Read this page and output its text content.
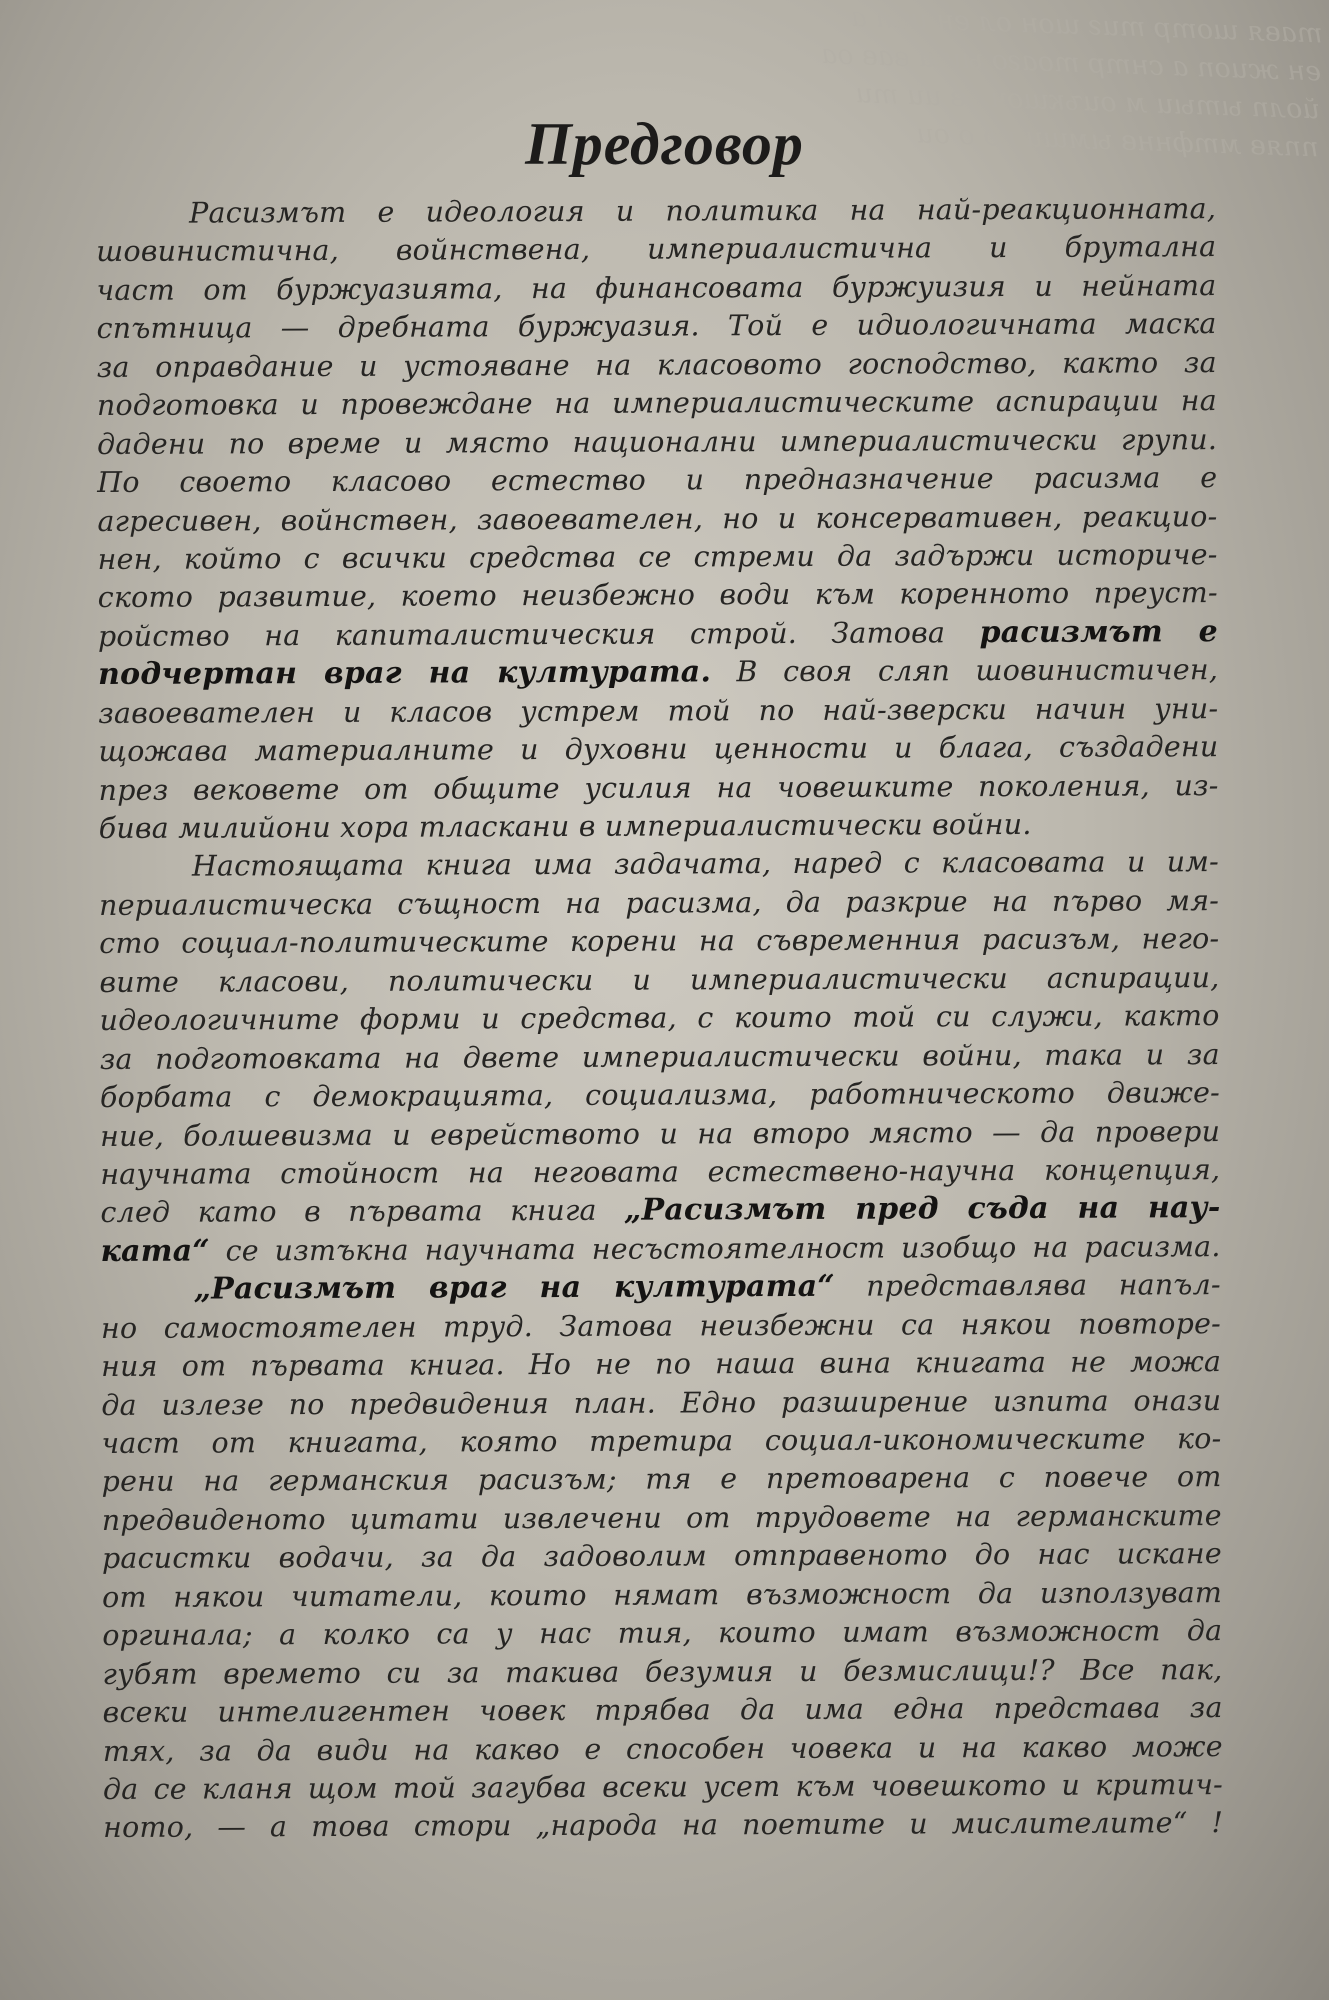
тавя шотр тиг шон ол ен иип а
ен жиоп а снтр тоаго ыиш вав оа
йолп ытыи м оиъкшоч вв ии ти
ппяв мтфннв ымши ро о ои
Предговор
Расизмът е идеология и политика на най-реакционната,
шовинистична, войнствена, империалистична и брутална
част от буржуазията, на финансовата буржуизия и нейната
спътница — дребната буржуазия. Той е идиологичната маска
за оправдание и устояване на класовото господство, както за
подготовка и провеждане на империалистическите аспирации на
дадени по време и място национални империалистически групи.
По своето класово естество и предназначение расизма е
агресивен, войнствен, завоевателен, но и консервативен, реакцио-
нен, който с всички средства се стреми да задържи историче-
ското развитие, което неизбежно води към коренното преуст-
ройство на капиталистическия строй. Затова расизмът е
подчертан враг на културата. В своя сляп шовинистичен,
завоевателен и класов устрем той по най-зверски начин уни-
щожава материалните и духовни ценности и блага, създадени
през вековете от общите усилия на човешките поколения, из-
бива милийони хора тласкани в империалистически войни.
Настоящата книга има задачата, наред с класовата и им-
периалистическа същност на расизма, да разкрие на първо мя-
сто социал-политическите корени на съвременния расизъм, него-
вите класови, политически и империалистически аспирации,
идеологичните форми и средства, с които той си служи, както
за подготовката на двете империалистически войни, така и за
борбата с демокрацията, социализма, работническото движе-
ние, болшевизма и еврейството и на второ място — да провери
научната стойност на неговата естествено-научна концепция,
след като в първата книга „Расизмът пред съда на нау-
ката“ се изтъкна научната несъстоятелност изобщо на расизма.
„Расизмът враг на културата“ представлява напъл-
но самостоятелен труд. Затова неизбежни са някои повторе-
ния от първата книга. Но не по наша вина книгата не можа
да излезе по предвидения план. Едно разширение изпита онази
част от книгата, която третира социал-икономическите ко-
рени на германския расизъм; тя е претоварена с повече от
предвиденото цитати извлечени от трудовете на германските
расистки водачи, за да задоволим отправеното до нас искане
от някои читатели, които нямат възможност да използуват
оргинала; а колко са у нас тия, които имат възможност да
губят времето си за такива безумия и безмислици!? Все пак,
всеки интелигентен човек трябва да има една представа за
тях, за да види на какво е способен човека и на какво може
да се кланя щом той загубва всеки усет към човешкото и критич-
ното, — а това стори „народа на поетите и мислителите“ !
